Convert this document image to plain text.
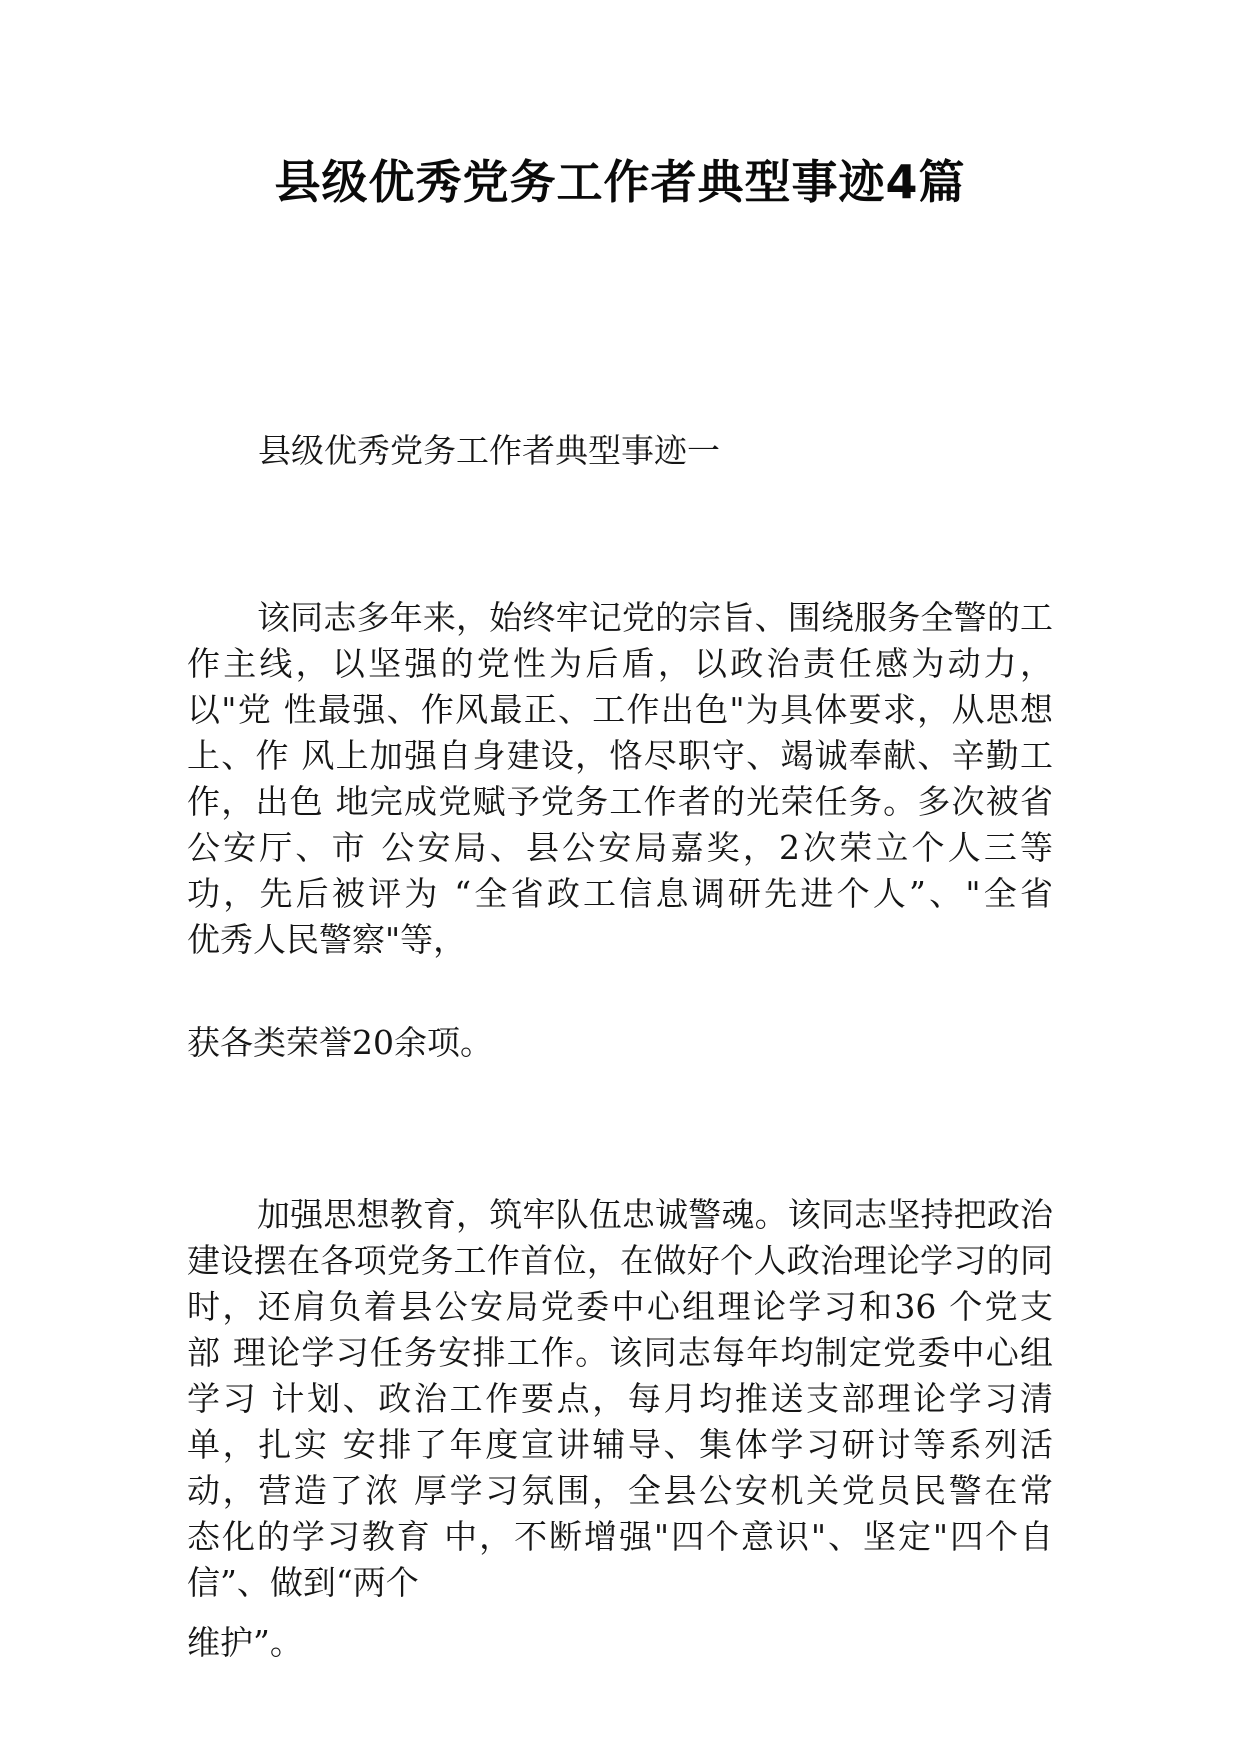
县级优秀党务工作者典型事迹4篇
县级优秀党务工作者典型事迹一
该同志多年来，始终牢记党的宗旨、围绕服务全警的工
作主线，以坚强的党性为后盾，以政治责任感为动力，
以"党 性最强、作风最正、工作出色"为具体要求，从思想
上、作 风上加强自身建设，恪尽职守、竭诚奉献、辛勤工
作，出色 地完成党赋予党务工作者的光荣任务。多次被省
公安厅、市 公安局、县公安局嘉奖，2次荣立个人三等
功，先后被评为 “全省政工信息调研先进个人”、"全省
优秀人民警察"等，
获各类荣誉20余项。
加强思想教育，筑牢队伍忠诚警魂。该同志坚持把政治
建设摆在各项党务工作首位，在做好个人政治理论学习的同
时，还肩负着县公安局党委中心组理论学习和36 个党支
部 理论学习任务安排工作。该同志每年均制定党委中心组
学习 计划、政治工作要点，每月均推送支部理论学习清
单，扎实 安排了年度宣讲辅导、集体学习研讨等系列活
动，营造了浓 厚学习氛围，全县公安机关党员民警在常
态化的学习教育 中，不断增强"四个意识"、坚定"四个自
信”、做到“两个
维护”。
